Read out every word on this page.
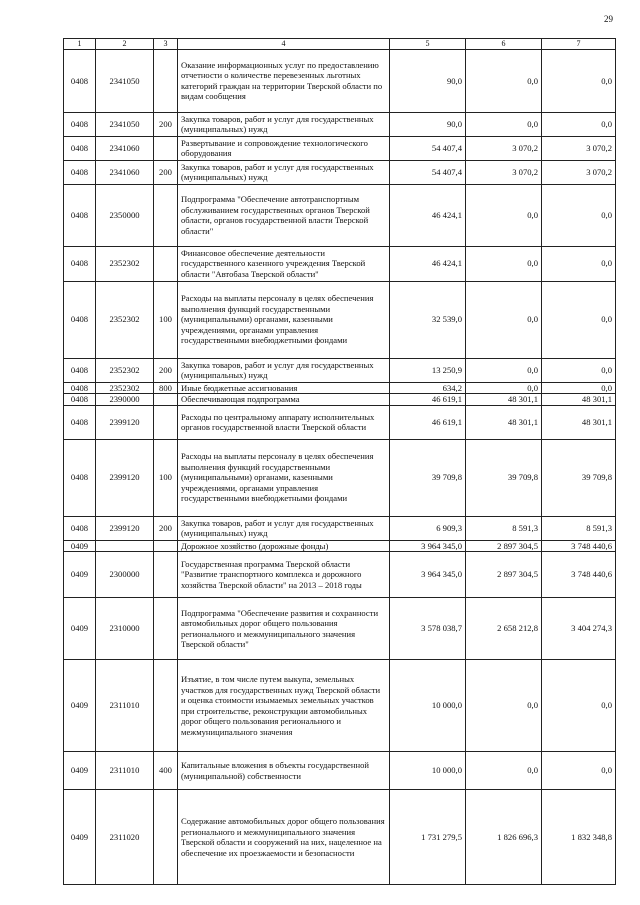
29
1	2	3	4	5	6	7
0408	2341050		Оказание информационных услуг по предоставлению отчетности о количестве перевезенных льготных категорий граждан на территории Тверской области по видам сообщения	90,0	0,0	0,0
0408	2341050	200	Закупка товаров, работ и услуг для государственных (муниципальных) нужд	90,0	0,0	0,0
0408	2341060		Развертывание и сопровождение технологического оборудования	54 407,4	3 070,2	3 070,2
0408	2341060	200	Закупка товаров, работ и услуг для государственных (муниципальных) нужд	54 407,4	3 070,2	3 070,2
0408	2350000		Подпрограмма "Обеспечение автотранспортным обслуживанием государственных органов Тверской области, органов государственной власти Тверской области"	46 424,1	0,0	0,0
0408	2352302		Финансовое обеспечение деятельности государственного казенного учреждения Тверской области "Автобаза Тверской области"	46 424,1	0,0	0,0
0408	2352302	100	Расходы на выплаты персоналу в целях обеспечения выполнения функций государственными (муниципальными) органами, казенными учреждениями, органами управления государственными внебюджетными фондами	32 539,0	0,0	0,0
0408	2352302	200	Закупка товаров, работ и услуг для государственных (муниципальных) нужд	13 250,9	0,0	0,0
0408	2352302	800	Иные бюджетные ассигнования	634,2	0,0	0,0
0408	2390000		Обеспечивающая подпрограмма	46 619,1	48 301,1	48 301,1
0408	2399120		Расходы по центральному аппарату исполнительных органов государственной власти Тверской области	46 619,1	48 301,1	48 301,1
0408	2399120	100	Расходы на выплаты персоналу в целях обеспечения выполнения функций государственными (муниципальными) органами, казенными учреждениями, органами управления государственными внебюджетными фондами	39 709,8	39 709,8	39 709,8
0408	2399120	200	Закупка товаров, работ и услуг для государственных (муниципальных) нужд	6 909,3	8 591,3	8 591,3
0409			Дорожное хозяйство (дорожные фонды)	3 964 345,0	2 897 304,5	3 748 440,6
0409	2300000		Государственная программа Тверской области "Развитие транспортного комплекса и дорожного хозяйства Тверской области" на 2013 – 2018 годы	3 964 345,0	2 897 304,5	3 748 440,6
0409	2310000		Подпрограмма "Обеспечение развития и сохранности автомобильных дорог общего пользования регионального и межмуниципального значения Тверской области"	3 578 038,7	2 658 212,8	3 404 274,3
0409	2311010		Изъятие, в том числе путем выкупа, земельных участков для государственных нужд Тверской области и оценка стоимости изымаемых земельных участков при строительстве, реконструкции автомобильных дорог общего пользования регионального и межмуниципального значения	10 000,0	0,0	0,0
0409	2311010	400	Капитальные вложения в объекты государственной (муниципальной) собственности	10 000,0	0,0	0,0
0409	2311020		Содержание автомобильных дорог общего пользования регионального и межмуниципального значения Тверской области и сооружений на них, нацеленное на обеспечение их проезжаемости и безопасности	1 731 279,5	1 826 696,3	1 832 348,8
